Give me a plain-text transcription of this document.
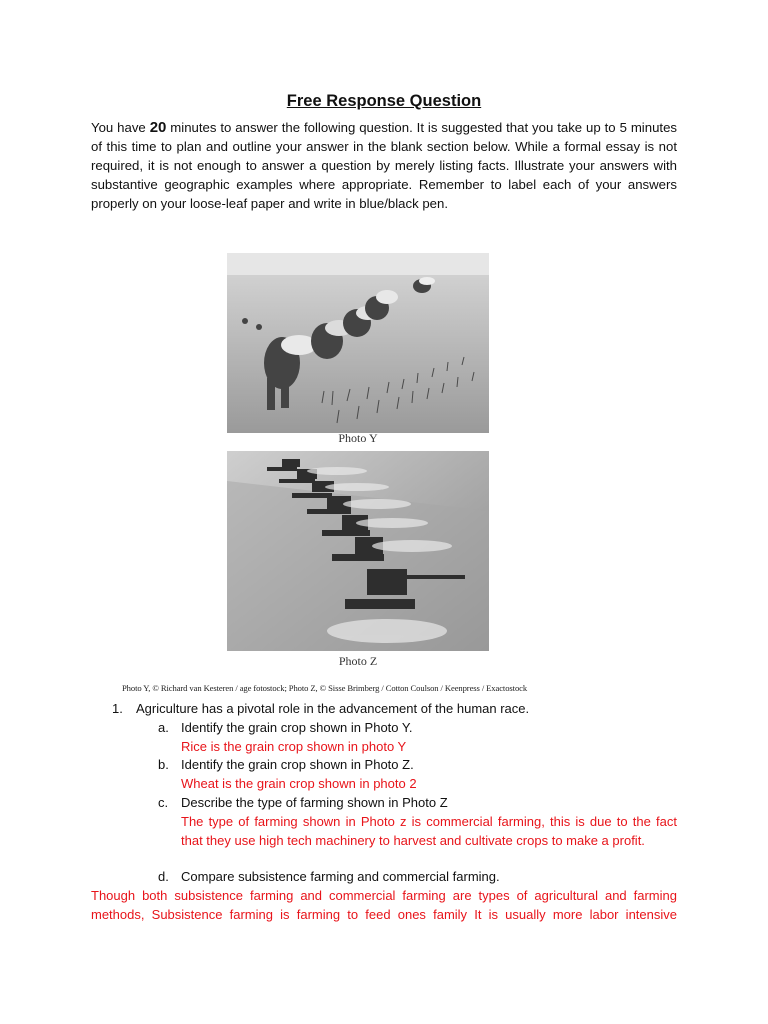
Free Response Question
You have 20 minutes to answer the following question. It is suggested that you take up to 5 minutes of this time to plan and outline your answer in the blank section below. While a formal essay is not required, it is not enough to answer a question by merely listing facts. Illustrate your answers with substantive geographic examples where appropriate. Remember to label each of your answers properly on your loose-leaf paper and write in blue/black pen.
Photo Y
Photo Z
Photo Y, © Richard van Kesteren / age fotostock; Photo Z, © Sisse Brimberg / Cotton Coulson / Keenpress / Exactostock
1. Agriculture has a pivotal role in the advancement of the human race.
a. Identify the grain crop shown in Photo Y.
Rice is the grain crop shown in photo Y
b. Identify the grain crop shown in Photo Z.
Wheat is the grain crop shown in photo 2
c. Describe the type of farming shown in Photo Z
The type of farming shown in Photo z is commercial farming, this is due to the fact that they use high tech machinery to harvest and cultivate crops to make a profit.
d. Compare subsistence farming and commercial farming.
Though both subsistence farming and commercial farming are types of agricultural and farming methods, Subsistence farming is farming to feed ones family It is usually more labor intensive
